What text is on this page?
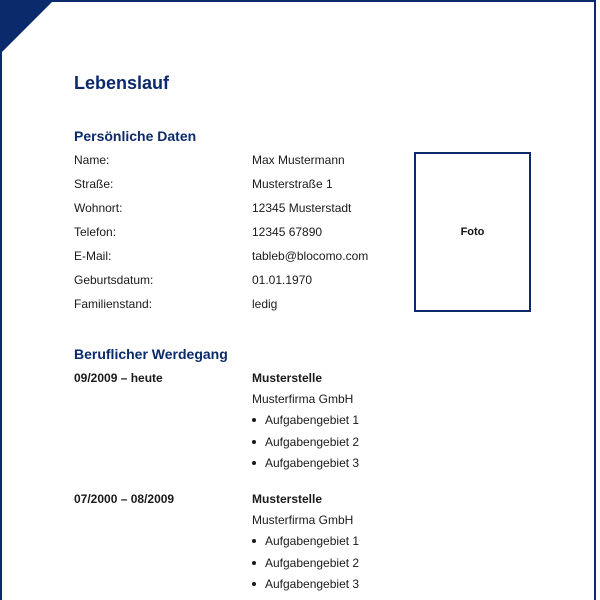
Lebenslauf
Persönliche Daten
Name:	Max Mustermann
Straße:	Musterstraße 1
Wohnort:	12345 Musterstadt
Telefon:	12345 67890
E-Mail:	tableb@blocomo.com
Geburtsdatum:	01.01.1970
Familienstand:	ledig
Foto
Beruflicher Werdegang
09/2009 – heute	Musterstelle
Musterfirma GmbH
Aufgabengebiet 1
Aufgabengebiet 2
Aufgabengebiet 3
07/2000 – 08/2009	Musterstelle
Musterfirma GmbH
Aufgabengebiet 1
Aufgabengebiet 2
Aufgabengebiet 3
